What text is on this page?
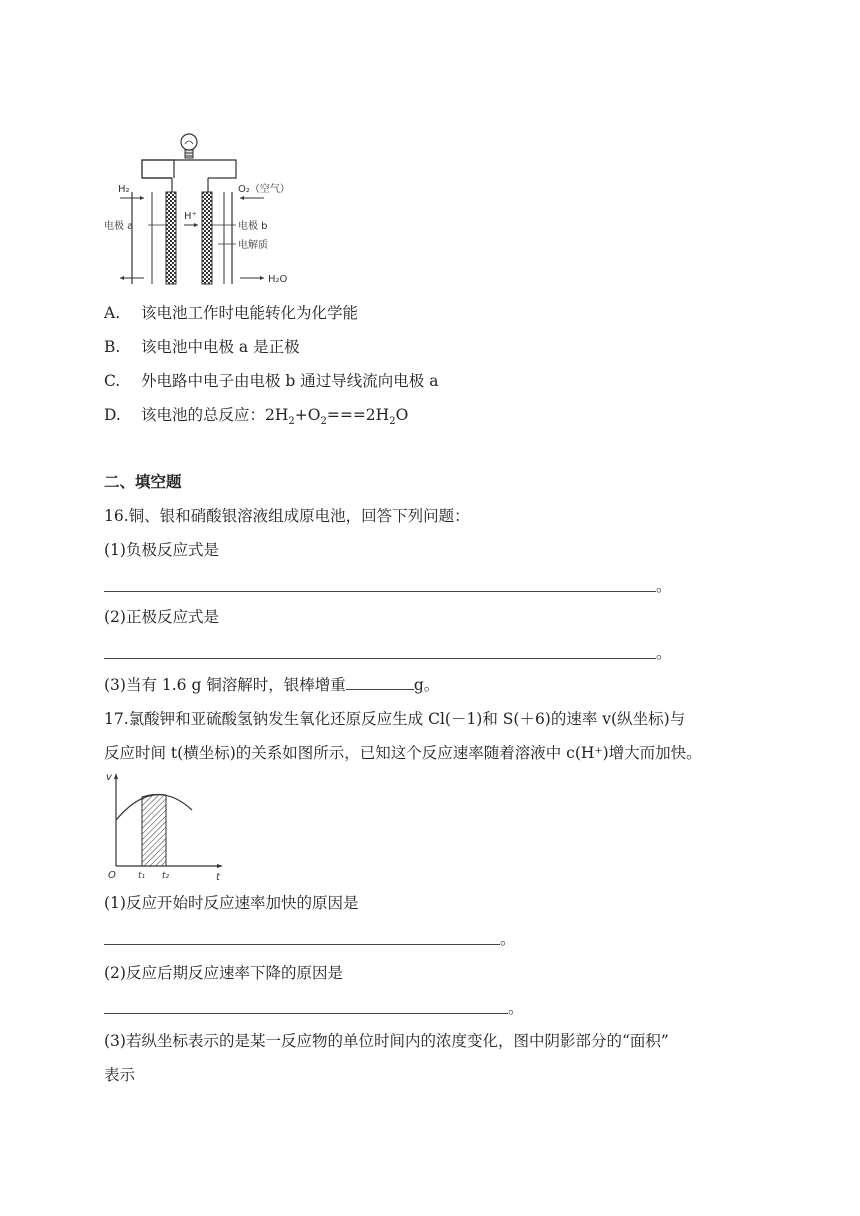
H₂	O₂（空气）
电极 a
H⁺
电极 b
电解质
H₂O
A. 该电池工作时电能转化为化学能
B. 该电池中电极 a 是正极
C. 外电路中电子由电极 b 通过导线流向电极 a
D. 该电池的总反应：$2H_2+O_2===2H_2O$
二、填空题
16.铜、银和硝酸银溶液组成原电池，回答下列问题：
(1)负极反应式是
。
(2)正极反应式是
。
(3)当有 1.6 g 铜溶解时，银棒增重	g。
17.氯酸钾和亚硫酸氢钠发生氧化还原反应生成 Cl(－1)和 S(＋6)的速率 v(纵坐标)与
反应时间 t(横坐标)的关系如图所示，已知这个反应速率随着溶液中 c(H⁺)增大而加快。
v
t
O t₁ t₂
(1)反应开始时反应速率加快的原因是
。
(2)反应后期反应速率下降的原因是
。
(3)若纵坐标表示的是某一反应物的单位时间内的浓度变化，图中阴影部分的“面积”
表示
